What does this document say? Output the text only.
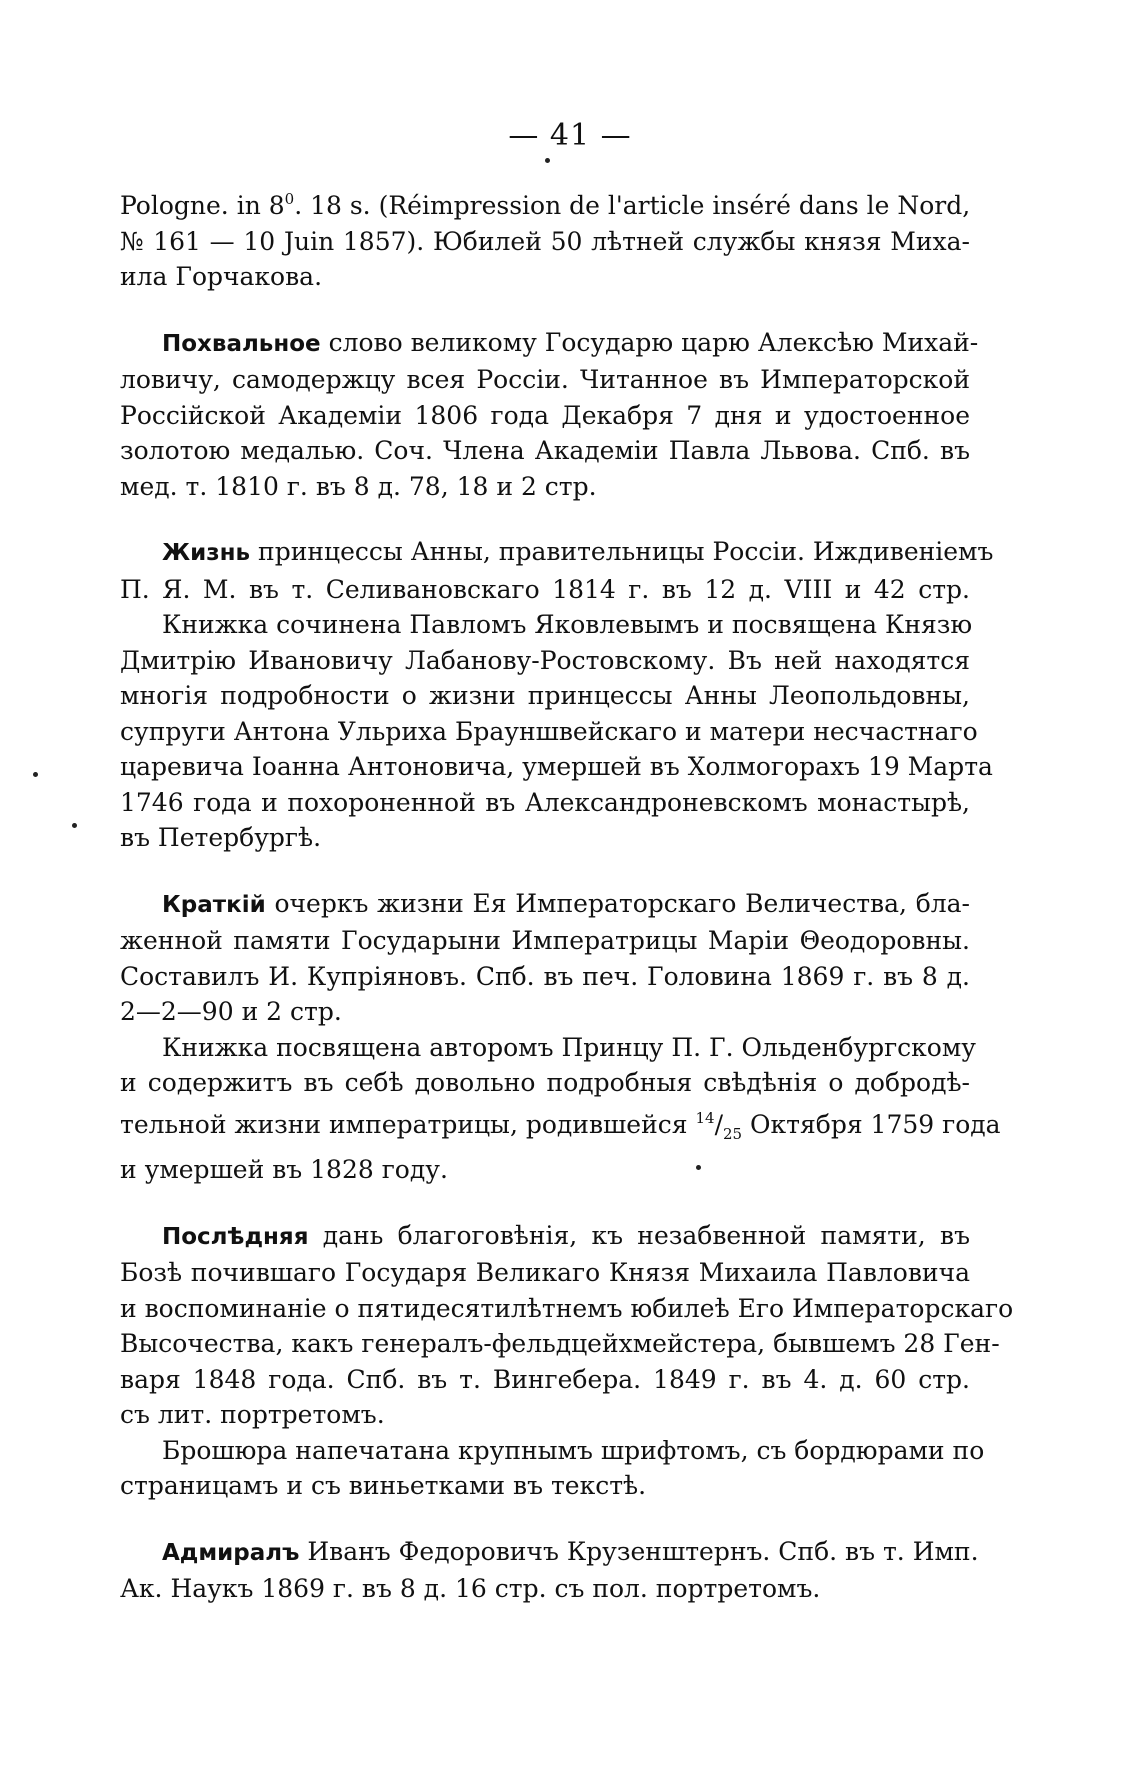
— 41 —
Pologne. in $8^0$. 18 s. (Réimpression de l'article inséré dans le Nord,
№ 161 — 10 Juin 1857). Юбилей 50 лѣтней службы князя Миха-
ила Горчакова.
Похвальное слово великому Государю царю Алексѣю Михай-
ловичу, самодержцу всея Россiи. Читанное въ Императорской
Россiйской Академiи 1806 года Декабря 7 дня и удостоенное
золотою медалью. Соч. Члена Академiи Павла Львова. Спб. въ
мед. т. 1810 г. въ 8 д. 78, 18 и 2 стр.
Жизнь принцессы Анны, правительницы Россiи. Иждивенiемъ
П. Я. М. въ т. Селивановскаго 1814 г. въ 12 д. VIII и 42 стр.
Книжка сочинена Павломъ Яковлевымъ и посвящена Князю
Дмитрiю Ивановичу Лабанову-Ростовскому. Въ ней находятся
многiя подробности о жизни принцессы Анны Леопольдовны,
супруги Антона Ульриха Брауншвейскаго и матери несчастнаго
царевича Iоанна Антоновича, умершей въ Холмогорахъ 19 Марта
1746 года и похороненной въ Александроневскомъ монастырѣ,
въ Петербургѣ.
Краткiй очеркъ жизни Ея Императорскаго Величества, бла-
женной памяти Государыни Императрицы Марiи Θеодоровны.
Составилъ И. Купрiяновъ. Спб. въ печ. Головина 1869 г. въ 8 д.
2—2—90 и 2 стр.
Книжка посвящена авторомъ Принцу П. Г. Ольденбургскому
и содержитъ въ себѣ довольно подробныя свѣдѣнiя о добродѣ-
тельной жизни императрицы, родившейся $^{14}/_{25}$ Октября 1759 года
и умершей въ 1828 году.
Послѣдняя дань благоговѣнiя, къ незабвенной памяти, въ
Бозѣ почившаго Государя Великаго Князя Михаила Павловича
и воспоминанiе о пятидесятилѣтнемъ юбилеѣ Его Императорскаго
Высочества, какъ генералъ-фельдцейхмейстера, бывшемъ 28 Ген-
варя 1848 года. Спб. въ т. Вингебера. 1849 г. въ 4. д. 60 стр.
съ лит. портретомъ.
Брошюра напечатана крупнымъ шрифтомъ, съ бордюрами по
страницамъ и съ виньетками въ текстѣ.
Адмиралъ Иванъ Федоровичъ Крузенштернъ. Спб. въ т. Имп.
Ак. Наукъ 1869 г. въ 8 д. 16 стр. съ пол. портретомъ.
